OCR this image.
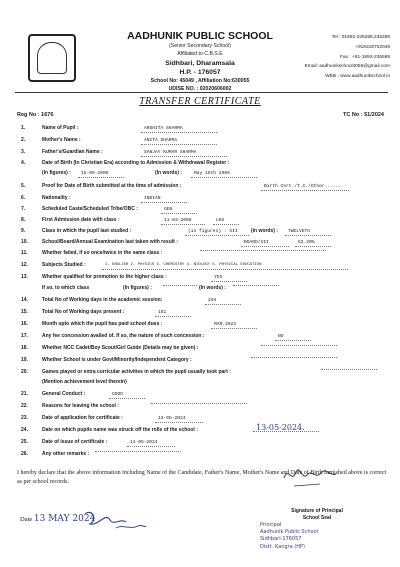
AADHUNIK PUBLIC SCHOOL
(Senior Secondary School)
Affiliated to C.B.S.E
Sidhbari, Dharamsala
H.P. - 176057
School No: 45049 , Affiliation No:630055
UDISE NO. : 02020606002
Tel : 01892-236288,236288
+919318702049
Fax : +91-1892-236599
Email: aadhunikschool4055@gmail.com
WEB : www.aadhunikschool.in
TRANSFER CERTIFICATE
Reg No : 1676	TC No : 51/2024
1.	Name of Pupil :	ARSHITA SHARMA
2.	Mother's Name :	ANITA SHARMA
3.	Father's/Guardian Name :	SANJAY KUMAR SHARMA
4.	Date of Birth (In Christian Era) according to Admission & Withdrawal Register :
(In figures) :	15-05-2005	(In words) :	May 15th 2005
5.	Proof for Date of Birth submitted at the time of admission :	Birth Cert./T.C./Other......
6.	Nationality :	INDIAN
7.	Scheduled Caste/Scheduled Tribe/OBC :	GEN
8.	First Admission date with class :	11-03-2008	LKG
9.	Class in which the pupil last studied :	(in figures) : XII	(in words) :	TWELVETH
10.	School/Board/Annual Examination last taken with result :	BOARD/XII	52.20%
11.	Whether failed, if so once/twice in the same class :
12.	Subjects Studied :	1. ENGLISH 2. PHYSICS 3. CHEMISTRY 4. BIOLOGY 5. PHYSICAL EDUCATION
13.	Whether qualified for promotion to the higher class :	YES
If so, to which class	(In figures) :	(In words) :
14.	Total No of Working days in the academic session:	194
15.	Total No of Working days present :	181
16.	Month upto which the pupil has paid school dues :	MAR.2023
17.	Any fee concession availed of. If so, the nature of such concession :	NO
18.	Whether NCC Cadet/Boy Scout/Girl Guide (Details may be given) :
19.	Whether School is under Govt/Minority/Independent Category :
20.	Games played or extra curricular activities in which the pupil usually took part :
(Mention achievement level therein)
21.	General Conduct :	GOOD
22.	Reasons for leaving the school :
23.	Date of application for certificate :	13-05-2024
24.	Date on which pupils name was struck off the rolls of the school :	13-05-2024.
25.	Date of issue of certificate :	14-05-2024
26.	Any other remarks :
I hereby declare that the above information including Name of the Candidate, Father's Name, Mother's Name and Date of Birth furnished above is correct as per school records.
Date 13 MAY 2024
Signature of Principal
School Seal
Principal
Aadhunik Public School
Sidhbari-176057
Distt. Kangra (HP)
